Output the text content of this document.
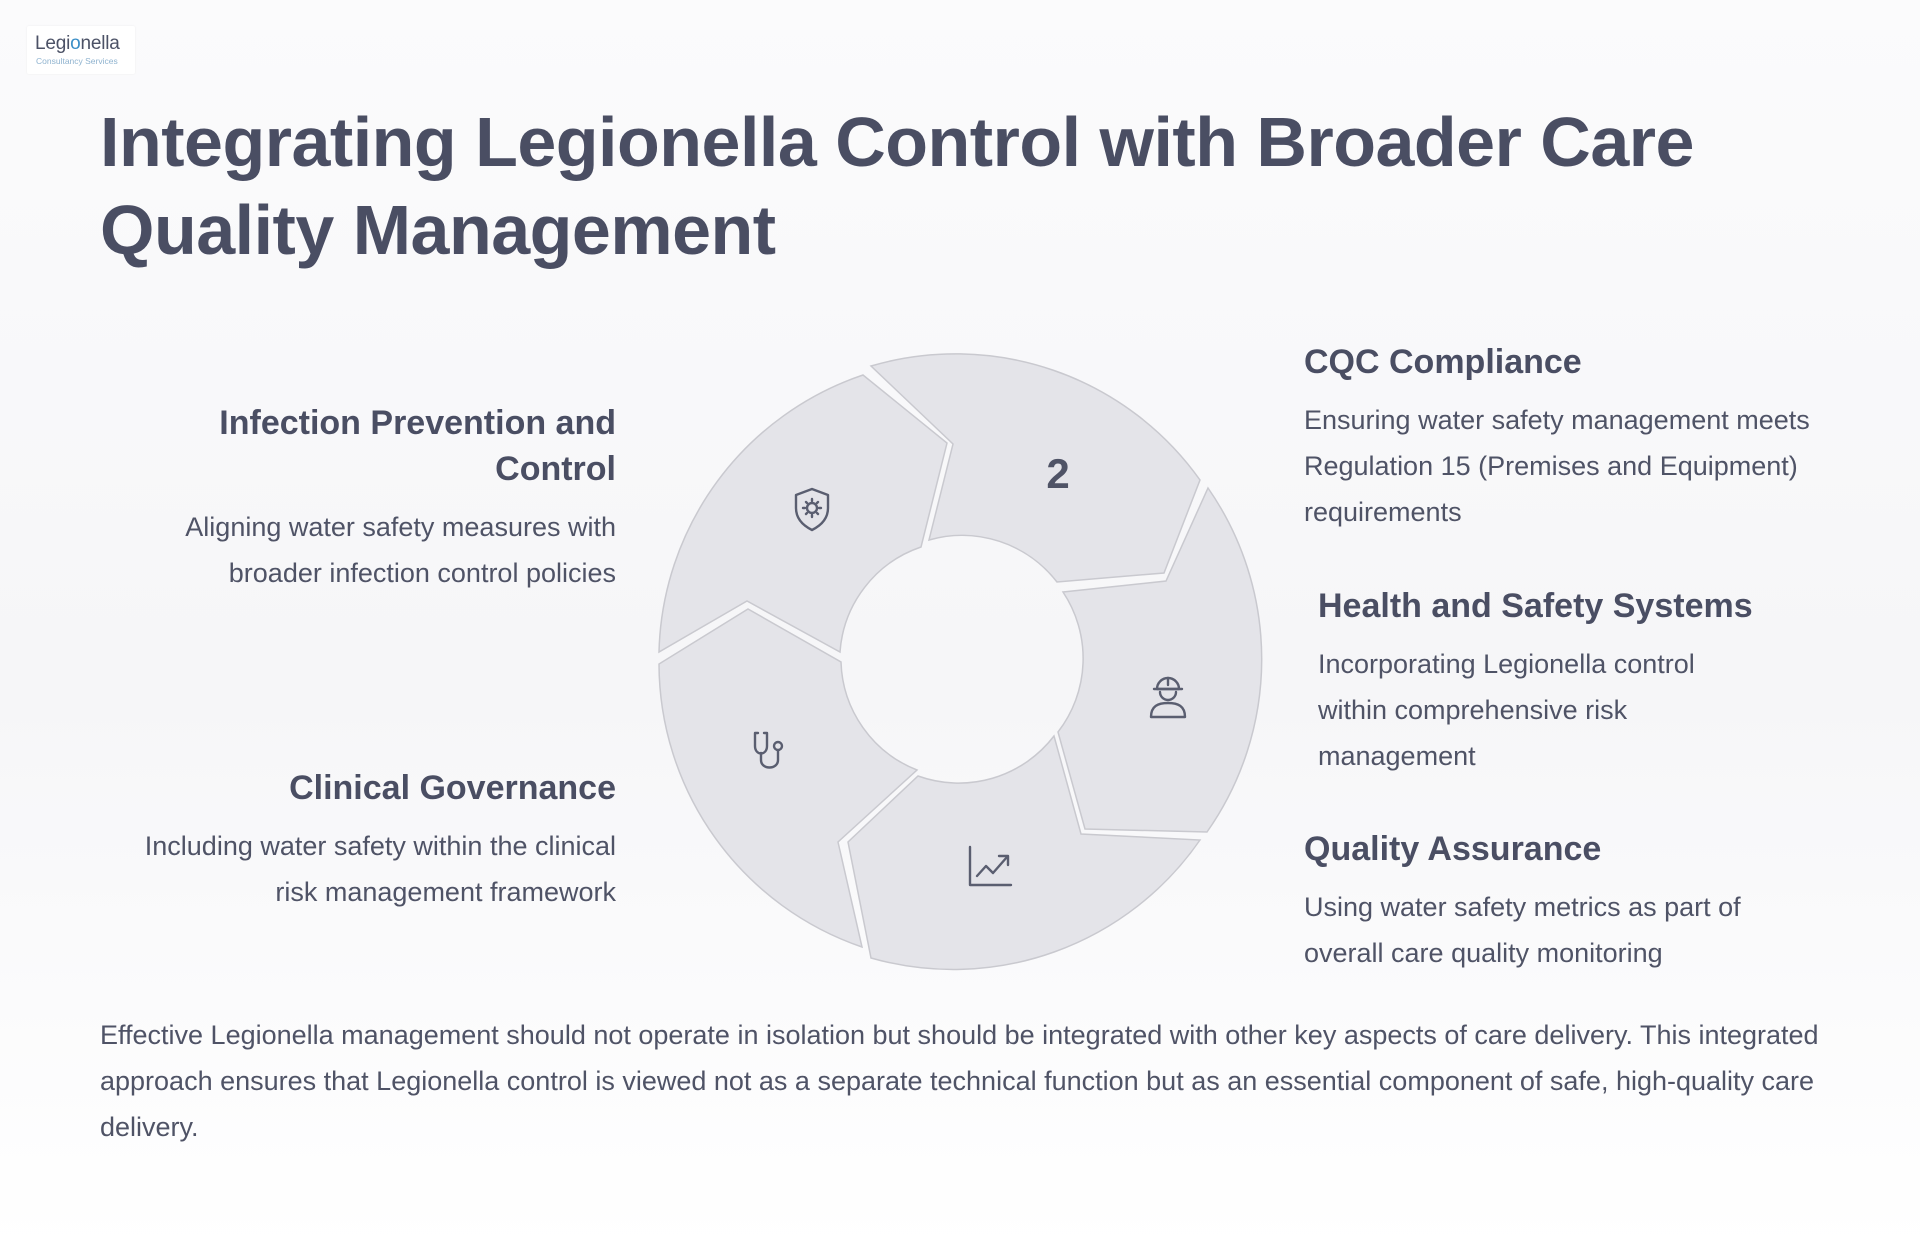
Legionella
Consultancy Services
Integrating Legionella Control with Broader Care Quality Management
2
Infection Prevention and Control

Aligning water safety measures with broader infection control policies

Clinical Governance

Including water safety within the clinical risk management framework

CQC Compliance

Ensuring water safety management meets Regulation 15 (Premises and Equipment) requirements

Health and Safety Systems

Incorporating Legionella control within comprehensive risk management

Quality Assurance

Using water safety metrics as part of overall care quality monitoring

Effective Legionella management should not operate in isolation but should be integrated with other key aspects of care delivery. This integrated approach ensures that Legionella control is viewed not as a separate technical function but as an essential component of safe, high-quality care delivery.
